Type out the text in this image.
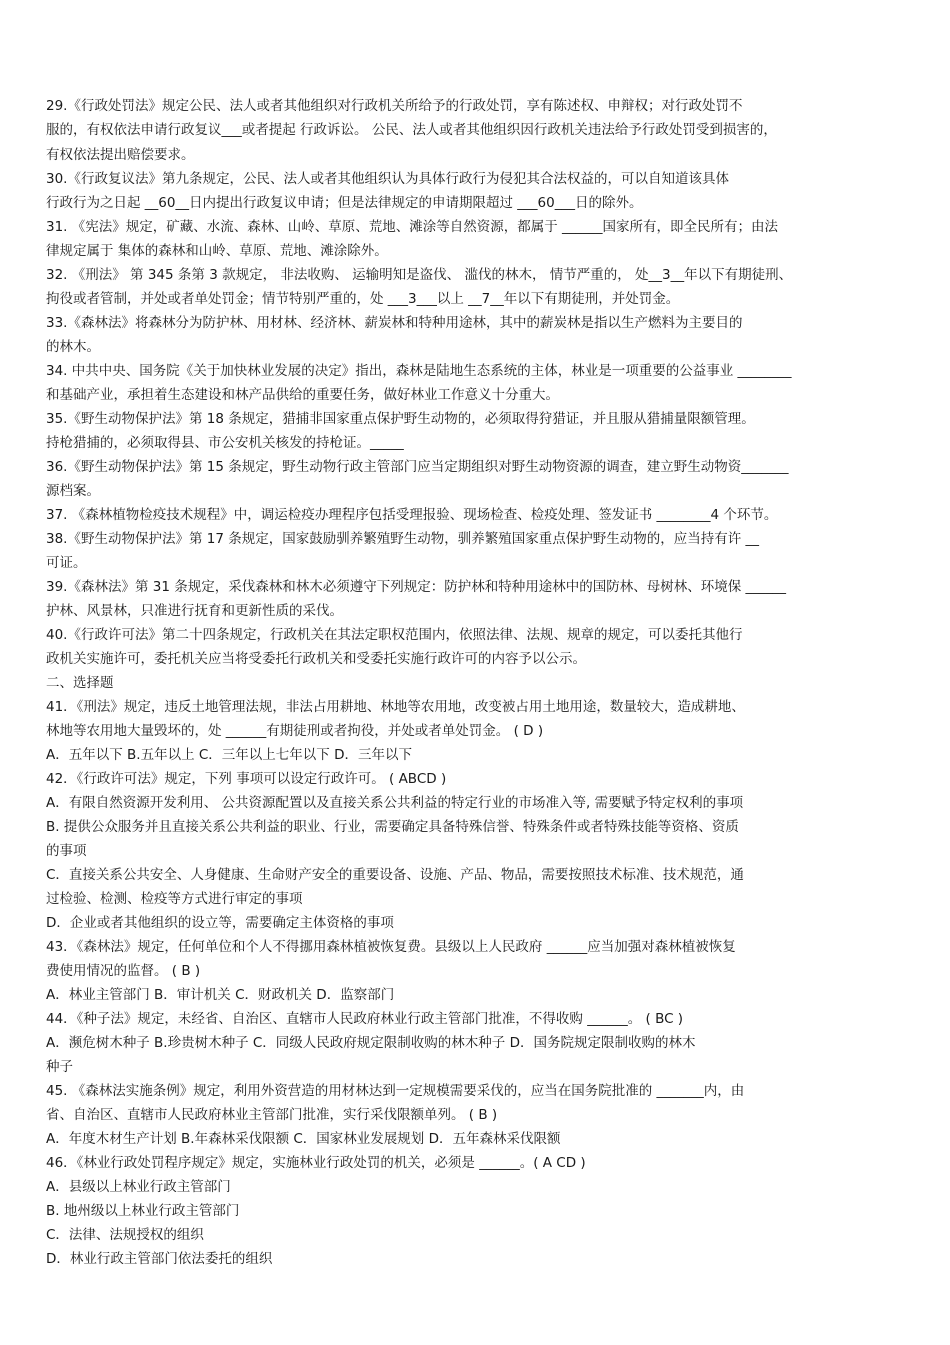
29.《行政处罚法》规定公民、法人或者其他组织对行政机关所给予的行政处罚，享有陈述权、申辩权；对行政处罚不
服的，有权依法申请行政复议___或者提起 行政诉讼。 公民、法人或者其他组织因行政机关违法给予行政处罚受到损害的，
有权依法提出赔偿要求。
30.《行政复议法》第九条规定，公民、法人或者其他组织认为具体行政行为侵犯其合法权益的，可以自知道该具体
行政行为之日起 __60__日内提出行政复议申请；但是法律规定的申请期限超过 ___60___日的除外。
31. 《宪法》规定，矿藏、水流、森林、山岭、草原、荒地、滩涂等自然资源，都属于 ______国家所有，即全民所有；由法
律规定属于 集体的森林和山岭、草原、荒地、滩涂除外。
32. 《刑法》 第 345 条第 3 款规定， 非法收购、 运输明知是盗伐、 滥伐的林木， 情节严重的， 处__3__年以下有期徒刑、
拘役或者管制，并处或者单处罚金；情节特别严重的，处 ___3___以上 __7__年以下有期徒刑，并处罚金。
33.《森林法》将森林分为防护林、用材林、经济林、薪炭林和特种用途林，其中的薪炭林是指以生产燃料为主要目的
的林木。
34. 中共中央、国务院《关于加快林业发展的决定》指出，森林是陆地生态系统的主体，林业是一项重要的公益事业 ________
和基础产业，承担着生态建设和林产品供给的重要任务，做好林业工作意义十分重大。
35.《野生动物保护法》第 18 条规定，猎捕非国家重点保护野生动物的，必须取得狩猎证，并且服从猎捕量限额管理。
持枪猎捕的，必须取得县、市公安机关核发的持枪证。_____
36.《野生动物保护法》第 15 条规定，野生动物行政主管部门应当定期组织对野生动物资源的调查，建立野生动物资_______
源档案。
37. 《森林植物检疫技术规程》中，调运检疫办理程序包括受理报验、现场检查、检疫处理、签发证书 ________4 个环节。
38.《野生动物保护法》第 17 条规定，国家鼓励驯养繁殖野生动物，驯养繁殖国家重点保护野生动物的，应当持有许 __
可证。
39.《森林法》第 31 条规定，采伐森林和林木必须遵守下列规定：防护林和特种用途林中的国防林、母树林、环境保 ______
护林、风景林，只准进行抚育和更新性质的采伐。
40.《行政许可法》第二十四条规定，行政机关在其法定职权范围内，依照法律、法规、规章的规定，可以委托其他行
政机关实施许可，委托机关应当将受委托行政机关和受委托实施行政许可的内容予以公示。
二、选择题
41．《刑法》规定，违反土地管理法规，非法占用耕地、林地等农用地，改变被占用土地用途，数量较大，造成耕地、
林地等农用地大量毁坏的，处 ______有期徒刑或者拘役，并处或者单处罚金。 ( D )
A．五年以下 B.五年以上 C．三年以上七年以下 D．三年以下
42．《行政许可法》规定，下列 事项可以设定行政许可。 ( ABCD )
A．有限自然资源开发利用、 公共资源配置以及直接关系公共利益的特定行业的市场准入等, 需要赋予特定权利的事项
B. 提供公众服务并且直接关系公共利益的职业、行业，需要确定具备特殊信誉、特殊条件或者特殊技能等资格、资质
的事项
C．直接关系公共安全、人身健康、生命财产安全的重要设备、设施、产品、物品，需要按照技术标准、技术规范，通
过检验、检测、检疫等方式进行审定的事项
D．企业或者其他组织的设立等，需要确定主体资格的事项
43．《森林法》规定，任何单位和个人不得挪用森林植被恢复费。县级以上人民政府 ______应当加强对森林植被恢复
费使用情况的监督。 ( B )
A．林业主管部门 B．审计机关 C．财政机关 D．监察部门
44．《种子法》规定，未经省、自治区、直辖市人民政府林业行政主管部门批准，不得收购 ______。 ( BC )
A．濒危树木种子 B.珍贵树木种子 C．同级人民政府规定限制收购的林木种子 D．国务院规定限制收购的林木
种子
45. 《森林法实施条例》规定，利用外资营造的用材林达到一定规模需要采伐的，应当在国务院批准的 _______内，由
省、自治区、直辖市人民政府林业主管部门批准，实行采伐限额单列。 ( B )
A．年度木材生产计划 B.年森林采伐限额 C．国家林业发展规划 D．五年森林采伐限额
46．《林业行政处罚程序规定》规定，实施林业行政处罚的机关，必须是 ______。( A CD )
A．县级以上林业行政主管部门
B. 地州级以上林业行政主管部门
C．法律、法规授权的组织
D．林业行政主管部门依法委托的组织
